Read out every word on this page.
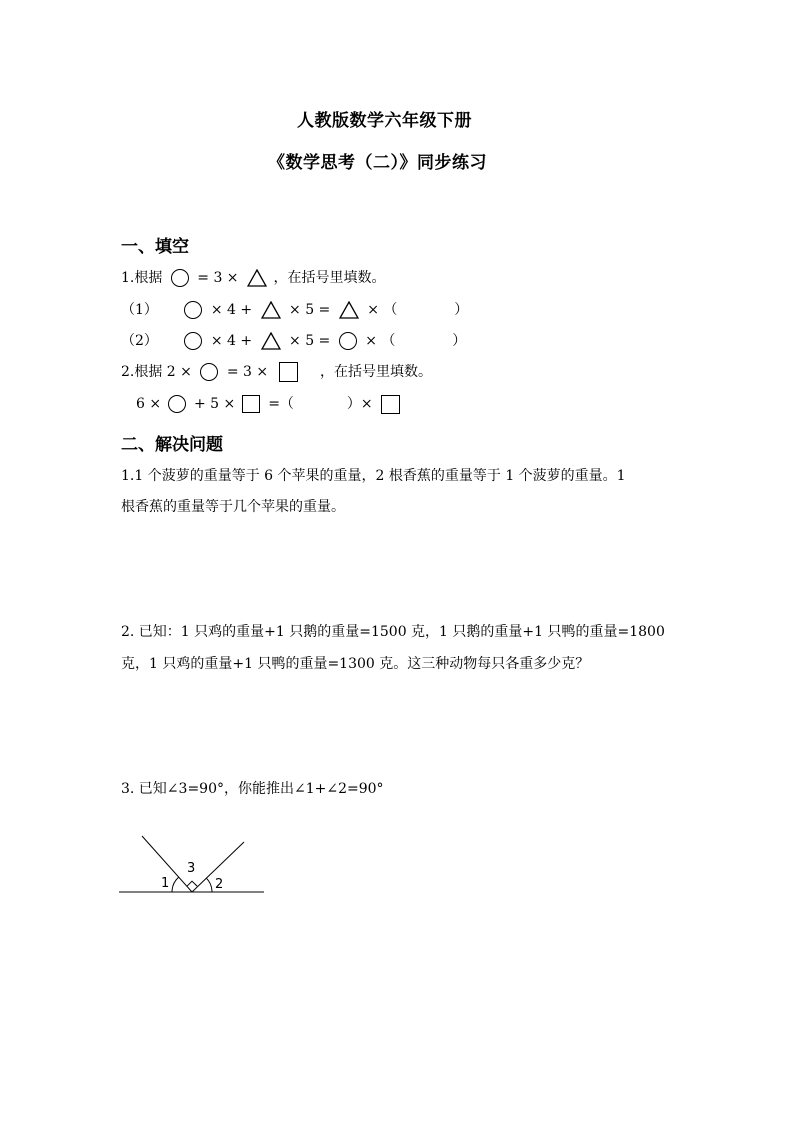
人教版数学六年级下册
《数学思考（二）》同步练习
一、填空
1.根据 = 3 × ，在括号里填数。
（1）	× 4 +	× 5 =	× （	）
（2）	× 4 +	× 5 = × （	）
2.根据 2 × = 3 ×	，在括号里填数。
6 × + 5 × =（	）×
二、解决问题
1.1 个菠萝的重量等于 6 个苹果的重量，2 根香蕉的重量等于 1 个菠萝的重量。1
根香蕉的重量等于几个苹果的重量。
2. 已知：1 只鸡的重量+1 只鹅的重量=1500 克，1 只鹅的重量+1 只鸭的重量=1800
克，1 只鸡的重量+1 只鸭的重量=1300 克。这三种动物每只各重多少克？
3. 已知∠3=90°，你能推出∠1+∠2=90°
1	2
3
